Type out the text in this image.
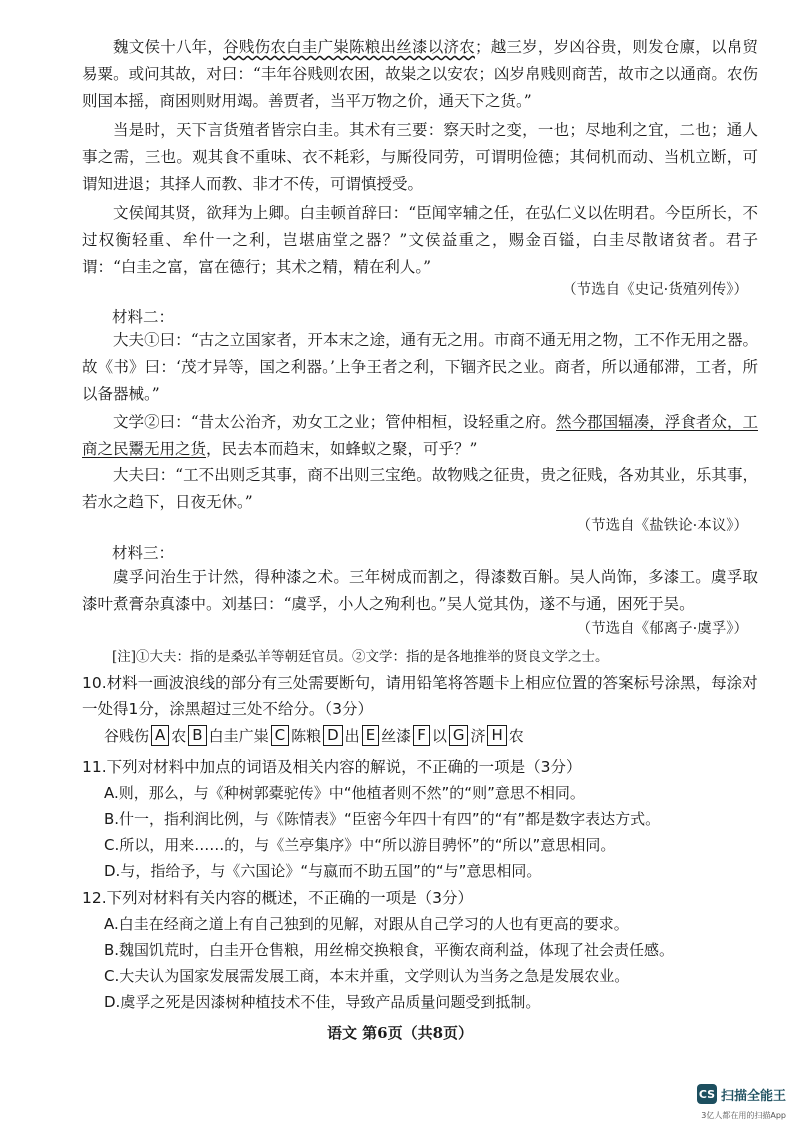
魏文侯十八年，谷贱伤农白圭广粜陈粮出丝漆以济农；越三岁，岁凶谷贵，则发仓廪，以帛贸易粟。或问其故，对曰：“丰年谷贱则农困，故粜之以安农；凶岁帛贱则商苦，故市之以通商。农伤则国本摇，商困则财用竭。善贾者，当平万物之价，通天下之货。”
当是时，天下言货殖者皆宗白圭。其术有三要：察天时之变，一也；尽地利之宜，二也；通人事之需，三也。观其食不重味、衣不耗彩，与厮役同劳，可谓明俭德；其伺机而动、当机立断，可谓知进退；其择人而教、非才不传，可谓慎授受。
文侯闻其贤，欲拜为上卿。白圭顿首辞曰：“臣闻宰辅之任，在弘仁义以佐明君。今臣所长，不过权衡轻重、牟什一之利，岂堪庙堂之器？”文侯益重之，赐金百镒，白圭尽散诸贫者。君子谓：“白圭之富，富在德行；其术之精，精在利人。”
（节选自《史记·货殖列传》）
材料二：
大夫①曰：“古之立国家者，开本末之途，通有无之用。市商不通无用之物，工不作无用之器。故《书》曰：‘茂才异等，国之利器。’上争王者之利，下锢齐民之业。商者，所以通郁滞，工者，所以备器械。”
文学②曰：“昔太公治齐，劝女工之业；管仲相桓，设轻重之府。然今郡国辐凑，浮食者众，工商之民鬻无用之货，民去本而趋末，如蜂蚁之聚，可乎？”
大夫曰：“工不出则乏其事，商不出则三宝绝。故物贱之征贵，贵之征贱，各劝其业，乐其事，若水之趋下，日夜无休。”
（节选自《盐铁论·本议》）
材料三：
虞孚问治生于计然，得种漆之术。三年树成而割之，得漆数百斛。吴人尚饰，多漆工。虞孚取漆叶煮膏杂真漆中。刘基曰：“虞孚，小人之殉利也。”吴人觉其伪，遂不与通，困死于吴。
（节选自《郁离子·虞孚》）
[注]①大夫：指的是桑弘羊等朝廷官员。②文学：指的是各地推举的贤良文学之士。
10.材料一画波浪线的部分有三处需要断句，请用铅笔将答题卡上相应位置的答案标号涂黑，每涂对一处得1分，涂黑超过三处不给分。（3分）
谷贱伤 A 农 B 白圭广粜 C 陈粮 D 出 E 丝漆 F 以 G 济 H 农
11.下列对材料中加点的词语及相关内容的解说，不正确的一项是（3分）
A.则，那么，与《种树郭橐驼传》中“他植者则不然”的“则”意思不相同。
B.什一，指利润比例，与《陈情表》“臣密今年四十有四”的“有”都是数字表达方式。
C.所以，用来……的，与《兰亭集序》中“所以游目骋怀”的“所以”意思相同。
D.与，指给予，与《六国论》“与嬴而不助五国”的“与”意思相同。
12.下列对材料有关内容的概述，不正确的一项是（3分）
A.白圭在经商之道上有自己独到的见解，对跟从自己学习的人也有更高的要求。
B.魏国饥荒时，白圭开仓售粮，用丝棉交换粮食，平衡农商利益，体现了社会责任感。
C.大夫认为国家发展需发展工商，本末并重，文学则认为当务之急是发展农业。
D.虞孚之死是因漆树种植技术不佳，导致产品质量问题受到抵制。
语文 第6页（共8页）
CS 扫描全能王
3亿人都在用的扫描App
